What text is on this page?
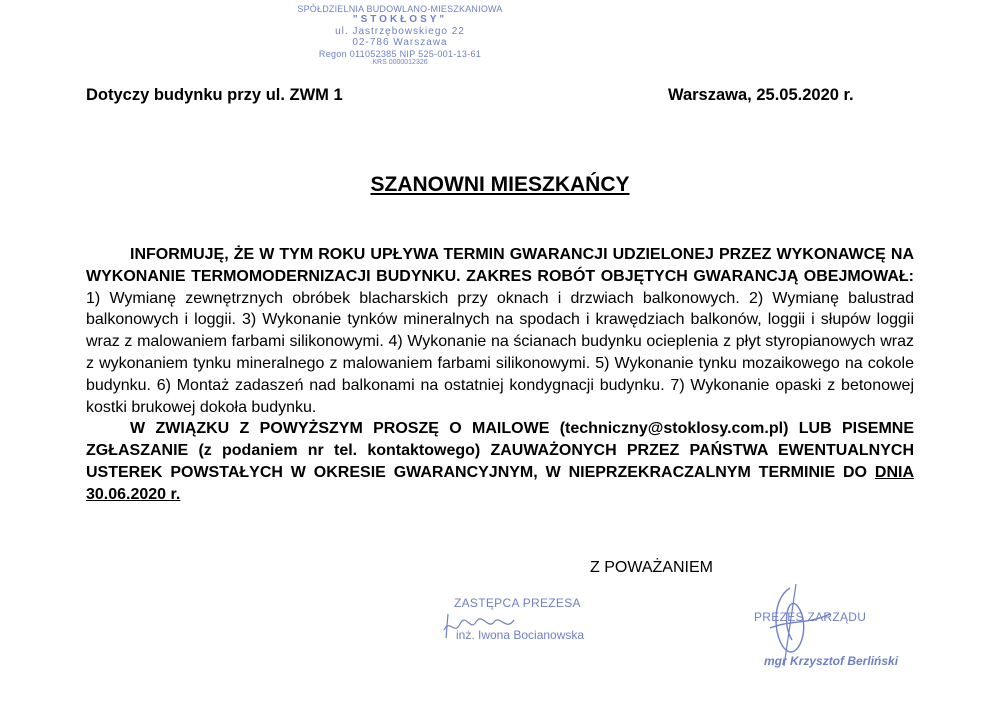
SPÓŁDZIELNIA BUDOWLANO-MIESZKANIOWA
"STOKŁOSY"
ul. Jastrzębowskiego 22
02-786 Warszawa
Regon 011052385 NIP 525-001-13-61
KRS 0000012326
Dotyczy budynku przy ul. ZWM 1	Warszawa, 25.05.2020 r.
SZANOWNI MIESZKAŃCY

INFORMUJĘ, ŻE W TYM ROKU UPŁYWA TERMIN GWARANCJI UDZIELONEJ PRZEZ WYKONAWCĘ NA WYKONANIE TERMOMODERNIZACJI BUDYNKU. ZAKRES ROBÓT OBJĘTYCH GWARANCJĄ OBEJMOWAŁ: 1) Wymianę zewnętrznych obróbek blacharskich przy oknach i drzwiach balkonowych. 2) Wymianę balustrad balkonowych i loggii. 3) Wykonanie tynków mineralnych na spodach i krawędziach balkonów, loggii i słupów loggii wraz z malowaniem farbami silikonowymi. 4) Wykonanie na ścianach budynku ocieplenia z płyt styropianowych wraz z wykonaniem tynku mineralnego z malowaniem farbami silikonowymi. 5) Wykonanie tynku mozaikowego na cokole budynku. 6) Montaż zadaszeń nad balkonami na ostatniej kondygnacji budynku. 7) Wykonanie opaski z betonowej kostki brukowej dokoła budynku.

W ZWIĄZKU Z POWYŻSZYM PROSZĘ O MAILOWE (techniczny@stoklosy.com.pl) LUB PISEMNE ZGŁASZANIE (z podaniem nr tel. kontaktowego) ZAUWAŻONYCH PRZEZ PAŃSTWA EWENTUALNYCH USTEREK POWSTAŁYCH W OKRESIE GWARANCYJNYM, W NIEPRZEKRACZALNYM TERMINIE DO DNIA 30.06.2020 r.

Z POWAŻANIEM
ZASTĘPCA PREZESA
inż. Iwona Bocianowska
PREZES ZARZĄDU
mgr Krzysztof Berliński
